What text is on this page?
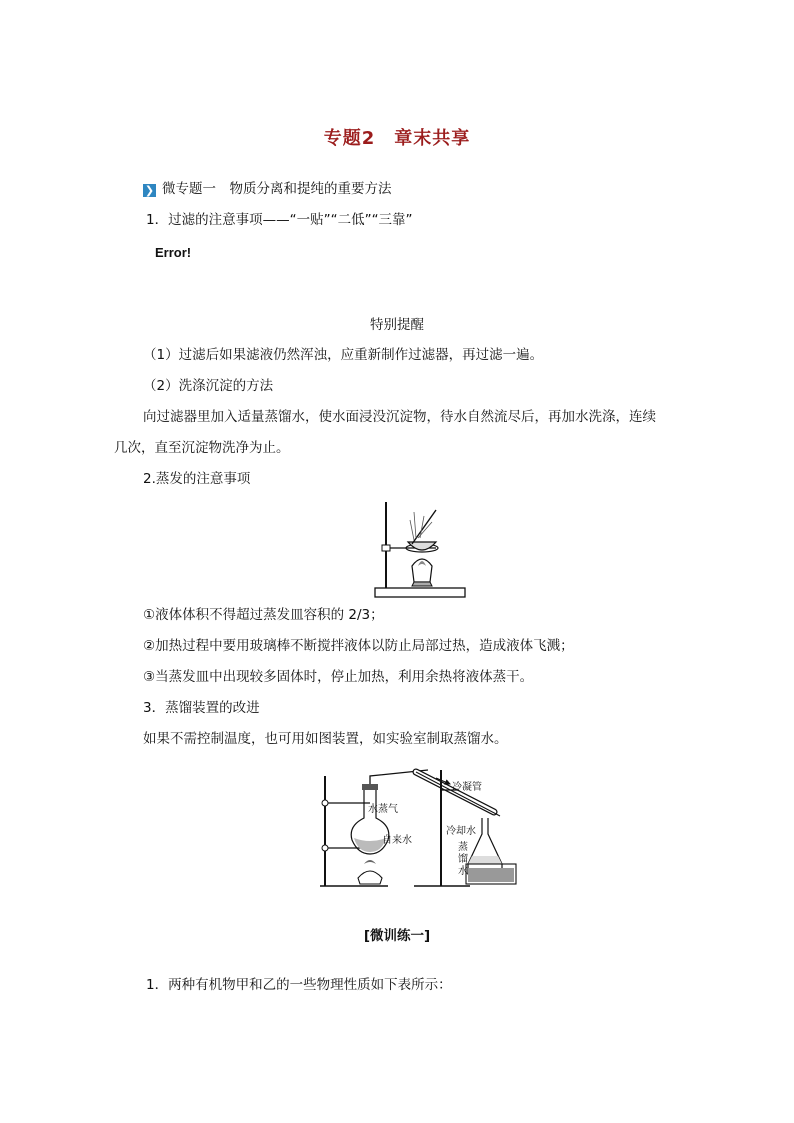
专题2　章末共享
❯ 微专题一　物质分离和提纯的重要方法
1．过滤的注意事项——“一贴”“二低”“三靠”
Error!
特别提醒
（1）过滤后如果滤液仍然浑浊，应重新制作过滤器，再过滤一遍。
（2）洗涤沉淀的方法
向过滤器里加入适量蒸馏水，使水面浸没沉淀物，待水自然流尽后，再加水洗涤，连续
几次，直至沉淀物洗净为止。
2.蒸发的注意事项
①液体体积不得超过蒸发皿容积的 2/3；
②加热过程中要用玻璃棒不断搅拌液体以防止局部过热，造成液体飞溅；
③当蒸发皿中出现较多固体时，停止加热，利用余热将液体蒸干。
3．蒸馏装置的改进
如果不需控制温度，也可用如图装置，如实验室制取蒸馏水。
冷凝管
水蒸气
自来水
冷却水
蒸
馏
水
[微训练一]
1．两种有机物甲和乙的一些物理性质如下表所示：
